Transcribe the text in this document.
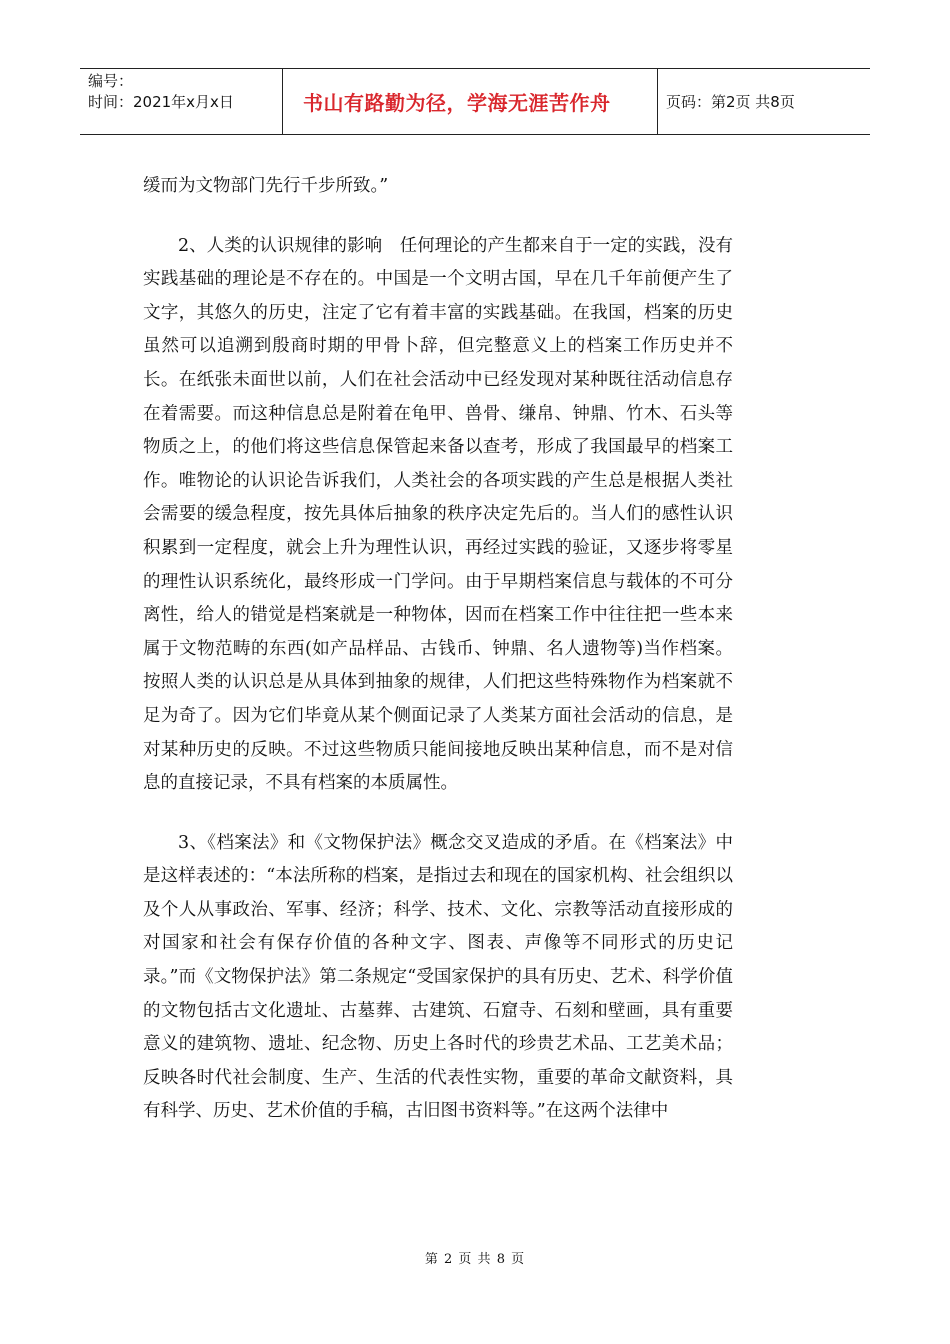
编号：
时间：2021年x月x日	书山有路勤为径，学海无涯苦作舟	页码：第2页 共8页

缓而为文物部门先行千步所致。”

2、人类的认识规律的影响　任何理论的产生都来自于一定的实践，没有实践基础的理论是不存在的。中国是一个文明古国，早在几千年前便产生了文字，其悠久的历史，注定了它有着丰富的实践基础。在我国，档案的历史虽然可以追溯到殷商时期的甲骨卜辞，但完整意义上的档案工作历史并不长。在纸张未面世以前，人们在社会活动中已经发现对某种既往活动信息存在着需要。而这种信息总是附着在龟甲、兽骨、缣帛、钟鼎、竹木、石头等物质之上，的他们将这些信息保管起来备以查考，形成了我国最早的档案工作。唯物论的认识论告诉我们，人类社会的各项实践的产生总是根据人类社会需要的缓急程度，按先具体后抽象的秩序决定先后的。当人们的感性认识积累到一定程度，就会上升为理性认识，再经过实践的验证，又逐步将零星的理性认识系统化，最终形成一门学问。由于早期档案信息与载体的不可分离性，给人的错觉是档案就是一种物体，因而在档案工作中往往把一些本来属于文物范畴的东西(如产品样品、古钱币、钟鼎、名人遗物等)当作档案。按照人类的认识总是从具体到抽象的规律，人们把这些特殊物作为档案就不足为奇了。因为它们毕竟从某个侧面记录了人类某方面社会活动的信息，是对某种历史的反映。不过这些物质只能间接地反映出某种信息，而不是对信息的直接记录，不具有档案的本质属性。

3、《档案法》和《文物保护法》概念交叉造成的矛盾。在《档案法》中是这样表述的：“本法所称的档案，是指过去和现在的国家机构、社会组织以及个人从事政治、军事、经济；科学、技术、文化、宗教等活动直接形成的对国家和社会有保存价值的各种文字、图表、声像等不同形式的历史记录。”而《文物保护法》第二条规定“受国家保护的具有历史、艺术、科学价值的文物包括古文化遗址、古墓葬、古建筑、石窟寺、石刻和壁画，具有重要意义的建筑物、遗址、纪念物、历史上各时代的珍贵艺术品、工艺美术品；反映各时代社会制度、生产、生活的代表性实物，重要的革命文献资料，具有科学、历史、艺术价值的手稿，古旧图书资料等。”在这两个法律中

第 2 页 共 8 页
